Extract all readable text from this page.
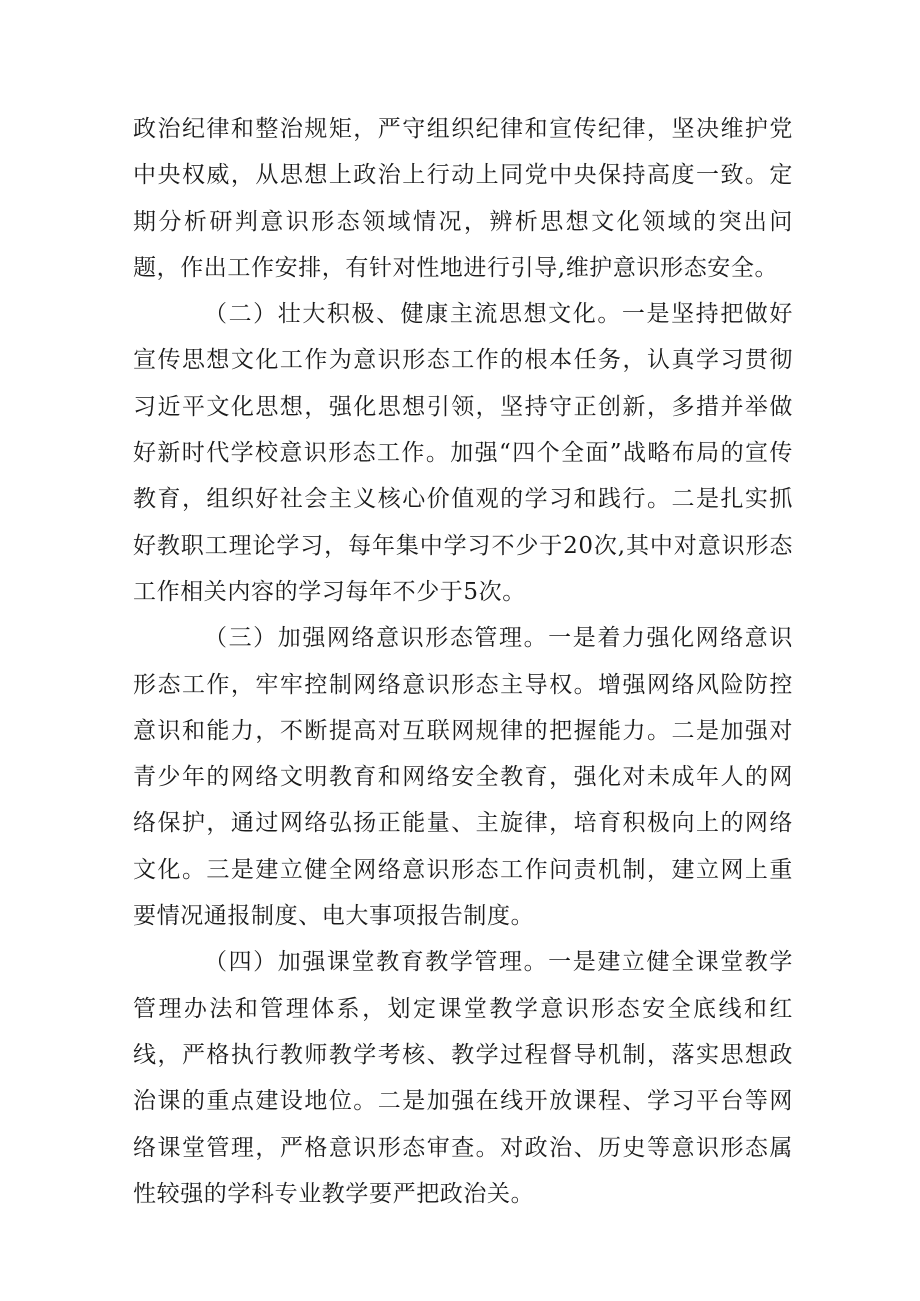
政治纪律和整治规矩，严守组织纪律和宣传纪律，坚决维护党中央权威，从思想上政治上行动上同党中央保持高度一致。定期分析研判意识形态领域情况，辨析思想文化领域的突出问题，作出工作安排，有针对性地进行引导,维护意识形态安全。

（二）壮大积极、健康主流思想文化。一是坚持把做好宣传思想文化工作为意识形态工作的根本任务，认真学习贯彻习近平文化思想，强化思想引领，坚持守正创新，多措并举做好新时代学校意识形态工作。加强“四个全面”战略布局的宣传教育，组织好社会主义核心价值观的学习和践行。二是扎实抓好教职工理论学习，每年集中学习不少于20次,其中对意识形态工作相关内容的学习每年不少于5次。

（三）加强网络意识形态管理。一是着力强化网络意识形态工作，牢牢控制网络意识形态主导权。增强网络风险防控意识和能力，不断提高对互联网规律的把握能力。二是加强对青少年的网络文明教育和网络安全教育，强化对未成年人的网络保护，通过网络弘扬正能量、主旋律，培育积极向上的网络文化。三是建立健全网络意识形态工作问责机制，建立网上重要情况通报制度、电大事项报告制度。

（四）加强课堂教育教学管理。一是建立健全课堂教学管理办法和管理体系，划定课堂教学意识形态安全底线和红线，严格执行教师教学考核、教学过程督导机制，落实思想政治课的重点建设地位。二是加强在线开放课程、学习平台等网络课堂管理，严格意识形态审查。对政治、历史等意识形态属性较强的学科专业教学要严把政治关。
